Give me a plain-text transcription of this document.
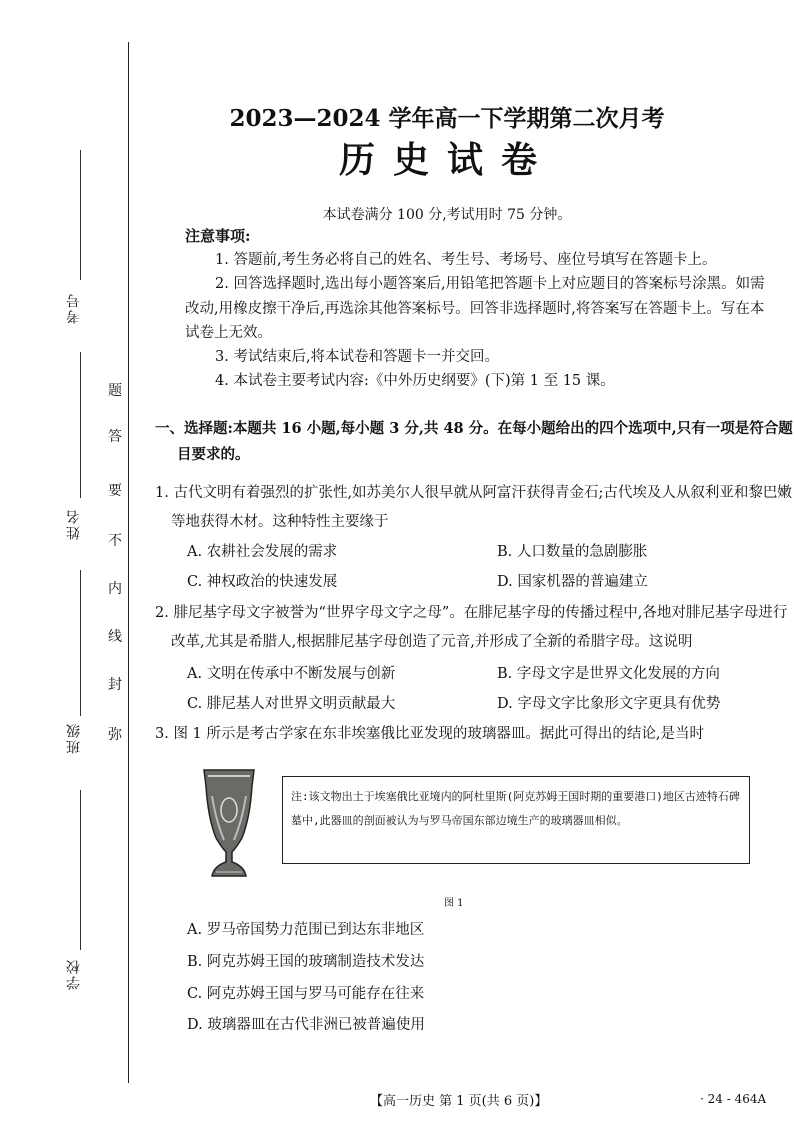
考号
姓名
班级
学校
题
答
要
不
内
线
封
弥
2023—2024 学年高一下学期第二次月考
历史试卷
本试卷满分 100 分,考试用时 75 分钟。
注意事项:
1. 答题前,考生务必将自己的姓名、考生号、考场号、座位号填写在答题卡上。
2. 回答选择题时,选出每小题答案后,用铅笔把答题卡上对应题目的答案标号涂黑。如需改动,用橡皮擦干净后,再选涂其他答案标号。回答非选择题时,将答案写在答题卡上。写在本试卷上无效。
3. 考试结束后,将本试卷和答题卡一并交回。
4. 本试卷主要考试内容:《中外历史纲要》(下)第 1 至 15 课。
一、选择题:本题共 16 小题,每小题 3 分,共 48 分。在每小题给出的四个选项中,只有一项是符合题目要求的。
1. 古代文明有着强烈的扩张性,如苏美尔人很早就从阿富汗获得青金石;古代埃及人从叙利亚和黎巴嫩等地获得木材。这种特性主要缘于
A. 农耕社会发展的需求	B. 人口数量的急剧膨胀
C. 神权政治的快速发展	D. 国家机器的普遍建立
2. 腓尼基字母文字被誉为“世界字母文字之母”。在腓尼基字母的传播过程中,各地对腓尼基字母进行改革,尤其是希腊人,根据腓尼基字母创造了元音,并形成了全新的希腊字母。这说明
A. 文明在传承中不断发展与创新	B. 字母文字是世界文化发展的方向
C. 腓尼基人对世界文明贡献最大	D. 字母文字比象形文字更具有优势
3. 图 1 所示是考古学家在东非埃塞俄比亚发现的玻璃器皿。据此可得出的结论,是当时
注:该文物出土于埃塞俄比亚境内的阿杜里斯(阿克苏姆王国时期的重要港口)地区古迹特石碑墓中,此器皿的剖面被认为与罗马帝国东部边境生产的玻璃器皿相似。
图 1
A. 罗马帝国势力范围已到达东非地区
B. 阿克苏姆王国的玻璃制造技术发达
C. 阿克苏姆王国与罗马可能存在往来
D. 玻璃器皿在古代非洲已被普遍使用
【高一历史 第 1 页(共 6 页)】	· 24 - 464A
